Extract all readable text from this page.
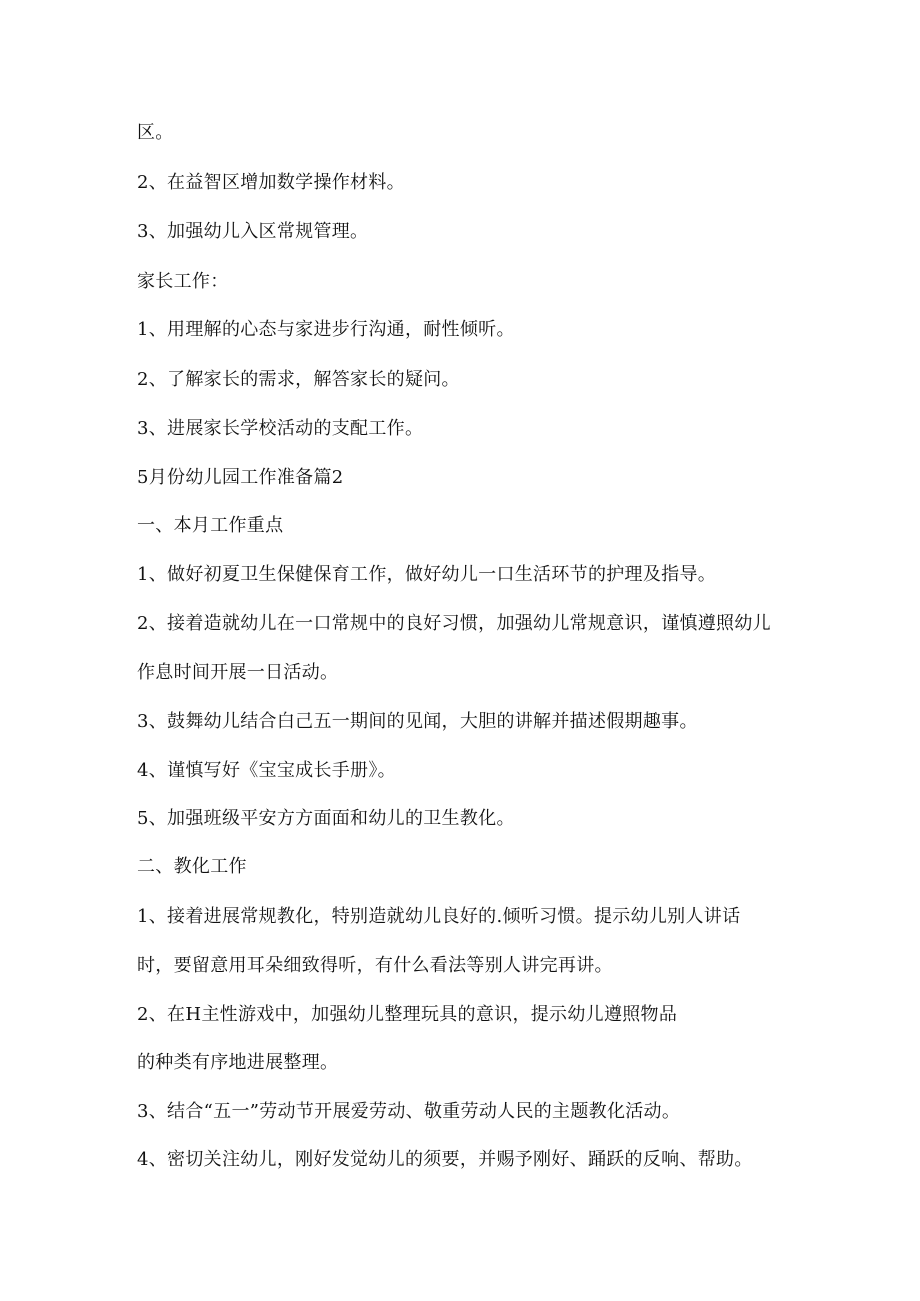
区。
2、在益智区增加数学操作材料。
3、加强幼儿入区常规管理。
家长工作：
1、用理解的心态与家进步行沟通，耐性倾听。
2、了解家长的需求，解答家长的疑问。
3、进展家长学校活动的支配工作。
5月份幼儿园工作准备篇2
一、本月工作重点
1、做好初夏卫生保健保育工作，做好幼儿一口生活环节的护理及指导。
2、接着造就幼儿在一口常规中的良好习惯，加强幼儿常规意识，谨慎遵照幼儿
作息时间开展一日活动。
3、鼓舞幼儿结合白己五一期间的见闻，大胆的讲解并描述假期趣事。
4、谨慎写好《宝宝成长手册》。
5、加强班级平安方方面面和幼儿的卫生教化。
二、教化工作
1、接着进展常规教化，特别造就幼儿良好的.倾听习惯。提示幼儿别人讲话
时，要留意用耳朵细致得听，有什么看法等别人讲完再讲。
2、在H主性游戏中，加强幼儿整理玩具的意识，提示幼儿遵照物品
的种类有序地进展整理。
3、结合“五一”劳动节开展爱劳动、敬重劳动人民的主题教化活动。
4、密切关注幼儿，刚好发觉幼儿的须要，并赐予刚好、踊跃的反响、帮助。
